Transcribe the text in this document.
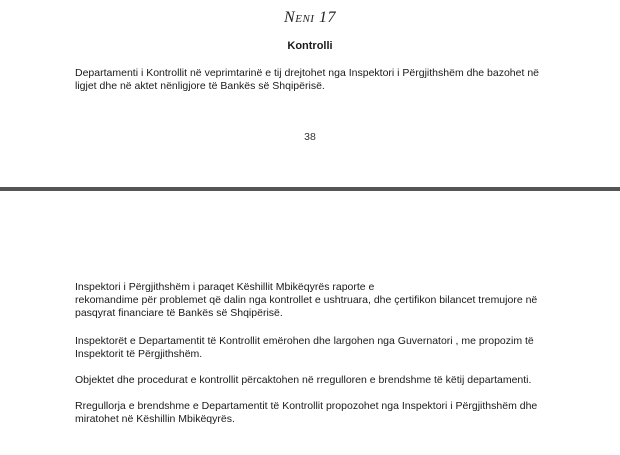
Neni 17
Kontrolli
Departamenti i Kontrollit në veprimtarinë e tij drejtohet nga Inspektori i Përgjithshëm dhe bazohet në
ligjet dhe në aktet nënligjore të Bankës së Shqipërisë.
38
Inspektori i Përgjithshëm i paraqet Këshillit Mbikëqyrës raporte e
rekomandime për problemet që dalin nga kontrollet e ushtruara, dhe çertifikon bilancet tremujore në
pasqyrat financiare të Bankës së Shqipërisë.
Inspektorët e Departamentit të Kontrollit emërohen dhe largohen nga Guvernatori , me propozim të
Inspektorit të Përgjithshëm.
Objektet dhe procedurat e kontrollit përcaktohen në rregulloren e brendshme të këtij departamenti.
Rregullorja e brendshme e Departamentit të Kontrollit propozohet nga Inspektori i Përgjithshëm dhe
miratohet në Këshillin Mbikëqyrës.
